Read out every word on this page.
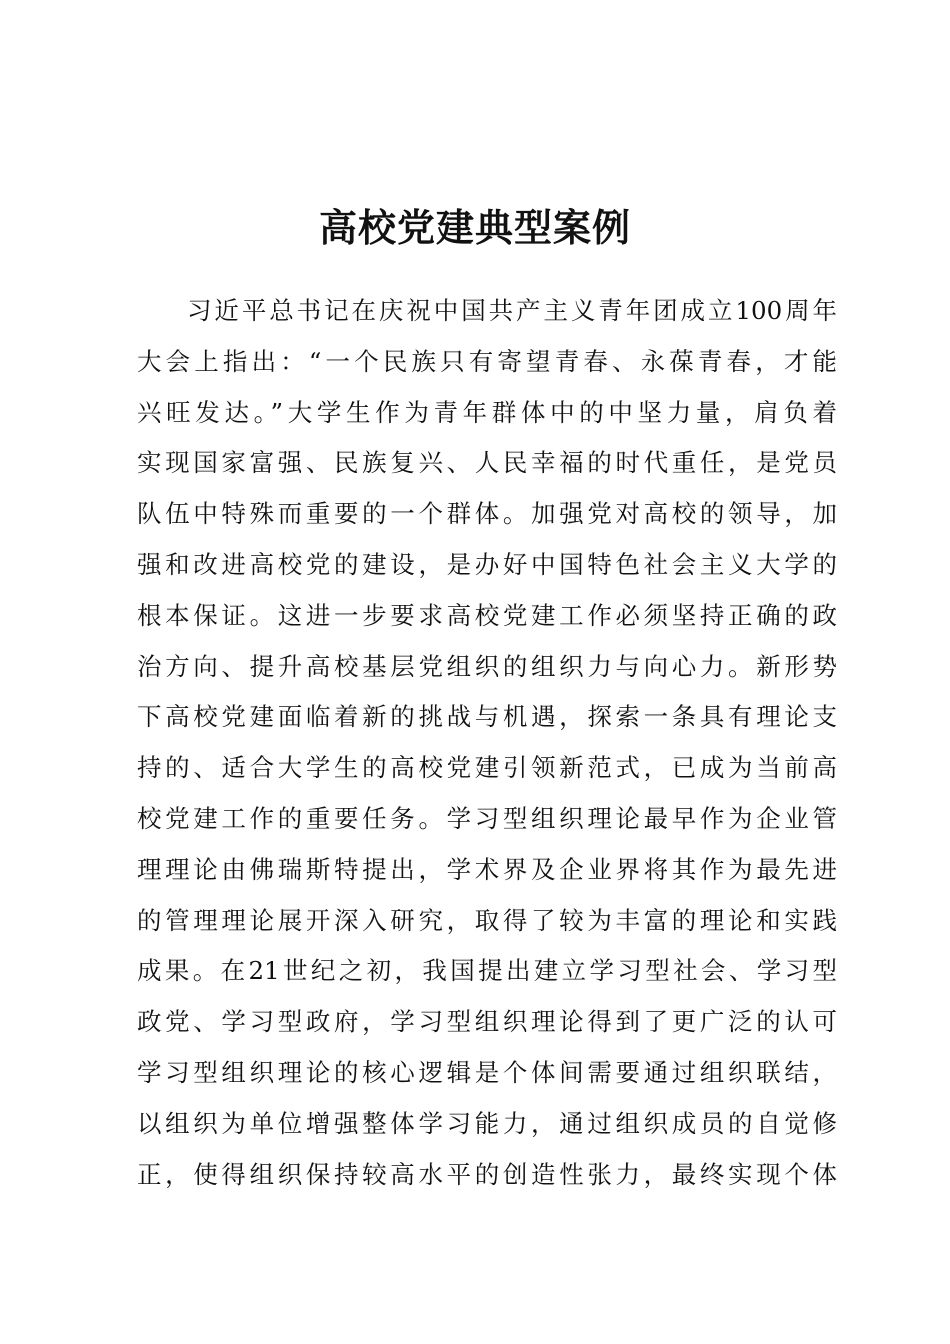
高校党建典型案例
习近平总书记在庆祝中国共产主义青年团成立100周年
大会上指出：“一个民族只有寄望青春、永葆青春，才能
兴旺发达。”大学生作为青年群体中的中坚力量，肩负着
实现国家富强、民族复兴、人民幸福的时代重任，是党员
队伍中特殊而重要的一个群体。加强党对高校的领导，加
强和改进高校党的建设，是办好中国特色社会主义大学的
根本保证。这进一步要求高校党建工作必须坚持正确的政
治方向、提升高校基层党组织的组织力与向心力。新形势
下高校党建面临着新的挑战与机遇，探索一条具有理论支
持的、适合大学生的高校党建引领新范式，已成为当前高
校党建工作的重要任务。学习型组织理论最早作为企业管
理理论由佛瑞斯特提出，学术界及企业界将其作为最先进
的管理理论展开深入研究，取得了较为丰富的理论和实践
成果。在21世纪之初，我国提出建立学习型社会、学习型
政党、学习型政府，学习型组织理论得到了更广泛的认可
学习型组织理论的核心逻辑是个体间需要通过组织联结，
以组织为单位增强整体学习能力，通过组织成员的自觉修
正，使得组织保持较高水平的创造性张力，最终实现个体
